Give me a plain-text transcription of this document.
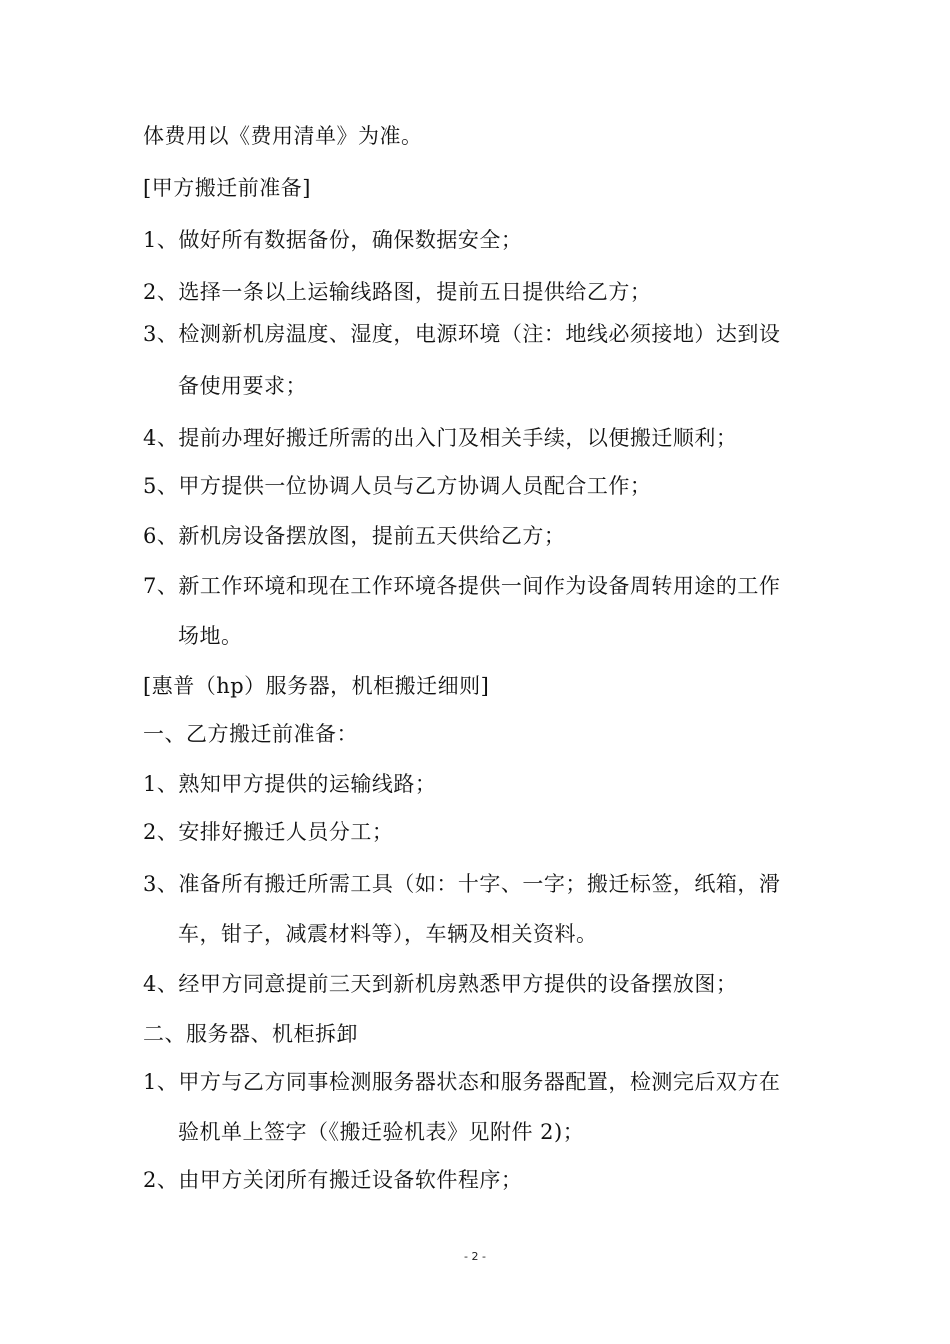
体费用以《费用清单》为准。
[甲方搬迁前准备]
1、做好所有数据备份，确保数据安全；
2、选择一条以上运输线路图，提前五日提供给乙方；
3、检测新机房温度、湿度，电源环境（注：地线必须接地）达到设
备使用要求；
4、提前办理好搬迁所需的出入门及相关手续，以便搬迁顺利；
5、甲方提供一位协调人员与乙方协调人员配合工作；
6、新机房设备摆放图，提前五天供给乙方；
7、新工作环境和现在工作环境各提供一间作为设备周转用途的工作
场地。
[惠普（hp）服务器，机柜搬迁细则]
一、乙方搬迁前准备：
1、熟知甲方提供的运输线路；
2、安排好搬迁人员分工；
3、准备所有搬迁所需工具（如：十字、一字；搬迁标签，纸箱，滑
车，钳子，减震材料等），车辆及相关资料。
4、经甲方同意提前三天到新机房熟悉甲方提供的设备摆放图；
二、服务器、机柜拆卸
1、甲方与乙方同事检测服务器状态和服务器配置，检测完后双方在
验机单上签字（《搬迁验机表》见附件 2)；
2、由甲方关闭所有搬迁设备软件程序；
- 2 -
